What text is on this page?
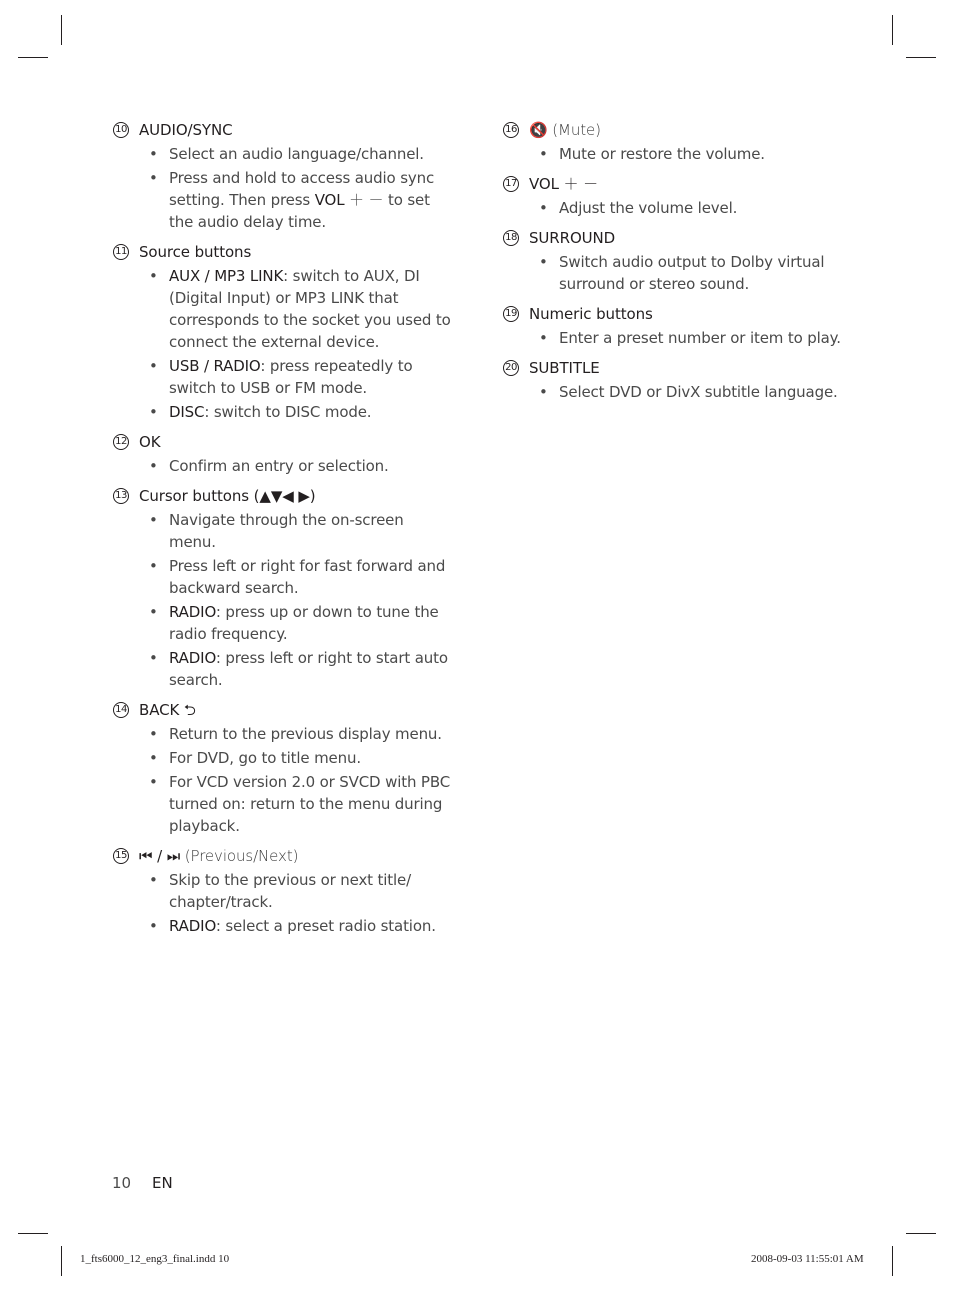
10 AUDIO/SYNC
• Select an audio language/channel.
• Press and hold to access audio sync setting. Then press VOL ＋ － to set the audio delay time.
11 Source buttons
• AUX / MP3 LINK: switch to AUX, DI (Digital Input) or MP3 LINK that corresponds to the socket you used to connect the external device.
• USB / RADIO: press repeatedly to switch to USB or FM mode.
• DISC: switch to DISC mode.
12 OK
• Confirm an entry or selection.
13 Cursor buttons (▲▼◀ ▶)
• Navigate through the on-screen menu.
• Press left or right for fast forward and backward search.
• RADIO: press up or down to tune the radio frequency.
• RADIO: press left or right to start auto search.
14 BACK ⮌
• Return to the previous display menu.
• For DVD, go to title menu.
• For VCD version 2.0 or SVCD with PBC turned on: return to the menu during playback.
15 ⏮ / ⏭ (Previous/Next)
• Skip to the previous or next title/ chapter/track.
• RADIO: select a preset radio station.
16 🔇 (Mute)
• Mute or restore the volume.
17 VOL ＋ －
• Adjust the volume level.
18 SURROUND
• Switch audio output to Dolby virtual surround or stereo sound.
19 Numeric buttons
• Enter a preset number or item to play.
20 SUBTITLE
• Select DVD or DivX subtitle language.
10 EN
1_fts6000_12_eng3_final.indd 10	2008-09-03 11:55:01 AM
